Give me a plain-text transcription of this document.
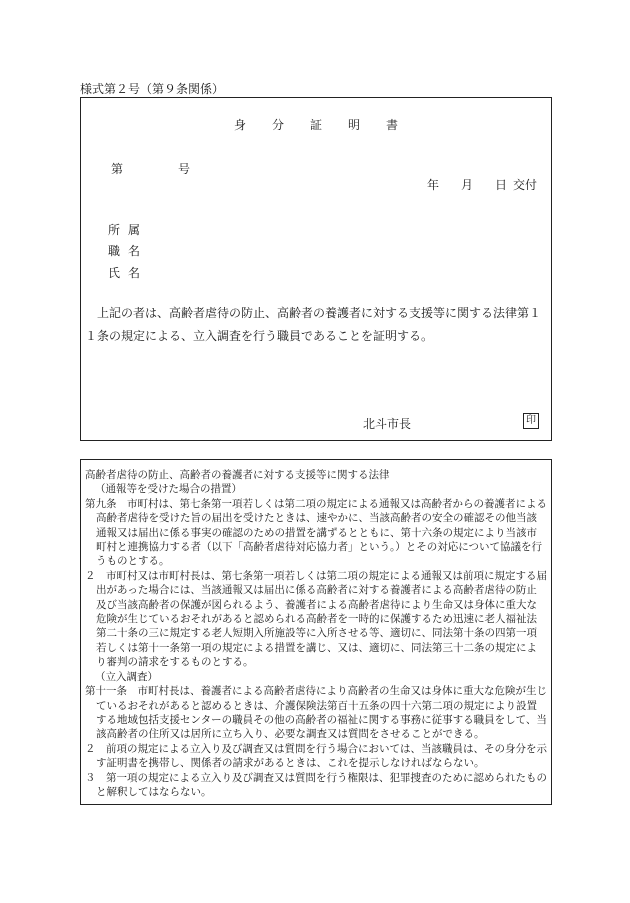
様式第２号（第９条関係）
身分証明書
第	号
年 月 日 交付
所属
職名
氏名
上記の者は、高齢者虐待の防止、高齢者の養護者に対する支援等に関する法律第１１条の規定による、立入調査を行う職員であることを証明する。
北斗市長	印

高齢者虐待の防止、高齢者の養護者に対する支援等に関する法律

（通報等を受けた場合の措置）

第九条　市町村は、第七条第一項若しくは第二項の規定による通報又は高齢者からの養護者による高齢者虐待を受けた旨の届出を受けたときは、速やかに、当該高齢者の安全の確認その他当該通報又は届出に係る事実の確認のための措置を講ずるとともに、第十六条の規定により当該市町村と連携協力する者（以下「高齢者虐待対応協力者」という。）とその対応について協議を行うものとする。

２　市町村又は市町村長は、第七条第一項若しくは第二項の規定による通報又は前項に規定する届出があった場合には、当該通報又は届出に係る高齢者に対する養護者による高齢者虐待の防止及び当該高齢者の保護が図られるよう、養護者による高齢者虐待により生命又は身体に重大な危険が生じているおそれがあると認められる高齢者を一時的に保護するため迅速に老人福祉法第二十条の三に規定する老人短期入所施設等に入所させる等、適切に、同法第十条の四第一項若しくは第十一条第一項の規定による措置を講じ、又は、適切に、同法第三十二条の規定により審判の請求をするものとする。

（立入調査）

第十一条　市町村長は、養護者による高齢者虐待により高齢者の生命又は身体に重大な危険が生じているおそれがあると認めるときは、介護保険法第百十五条の四十六第二項の規定により設置する地域包括支援センターの職員その他の高齢者の福祉に関する事務に従事する職員をして、当該高齢者の住所又は居所に立ち入り、必要な調査又は質問をさせることができる。

２　前項の規定による立入り及び調査又は質問を行う場合においては、当該職員は、その身分を示す証明書を携帯し、関係者の請求があるときは、これを提示しなければならない。

３　第一項の規定による立入り及び調査又は質問を行う権限は、犯罪捜査のために認められたものと解釈してはならない。
